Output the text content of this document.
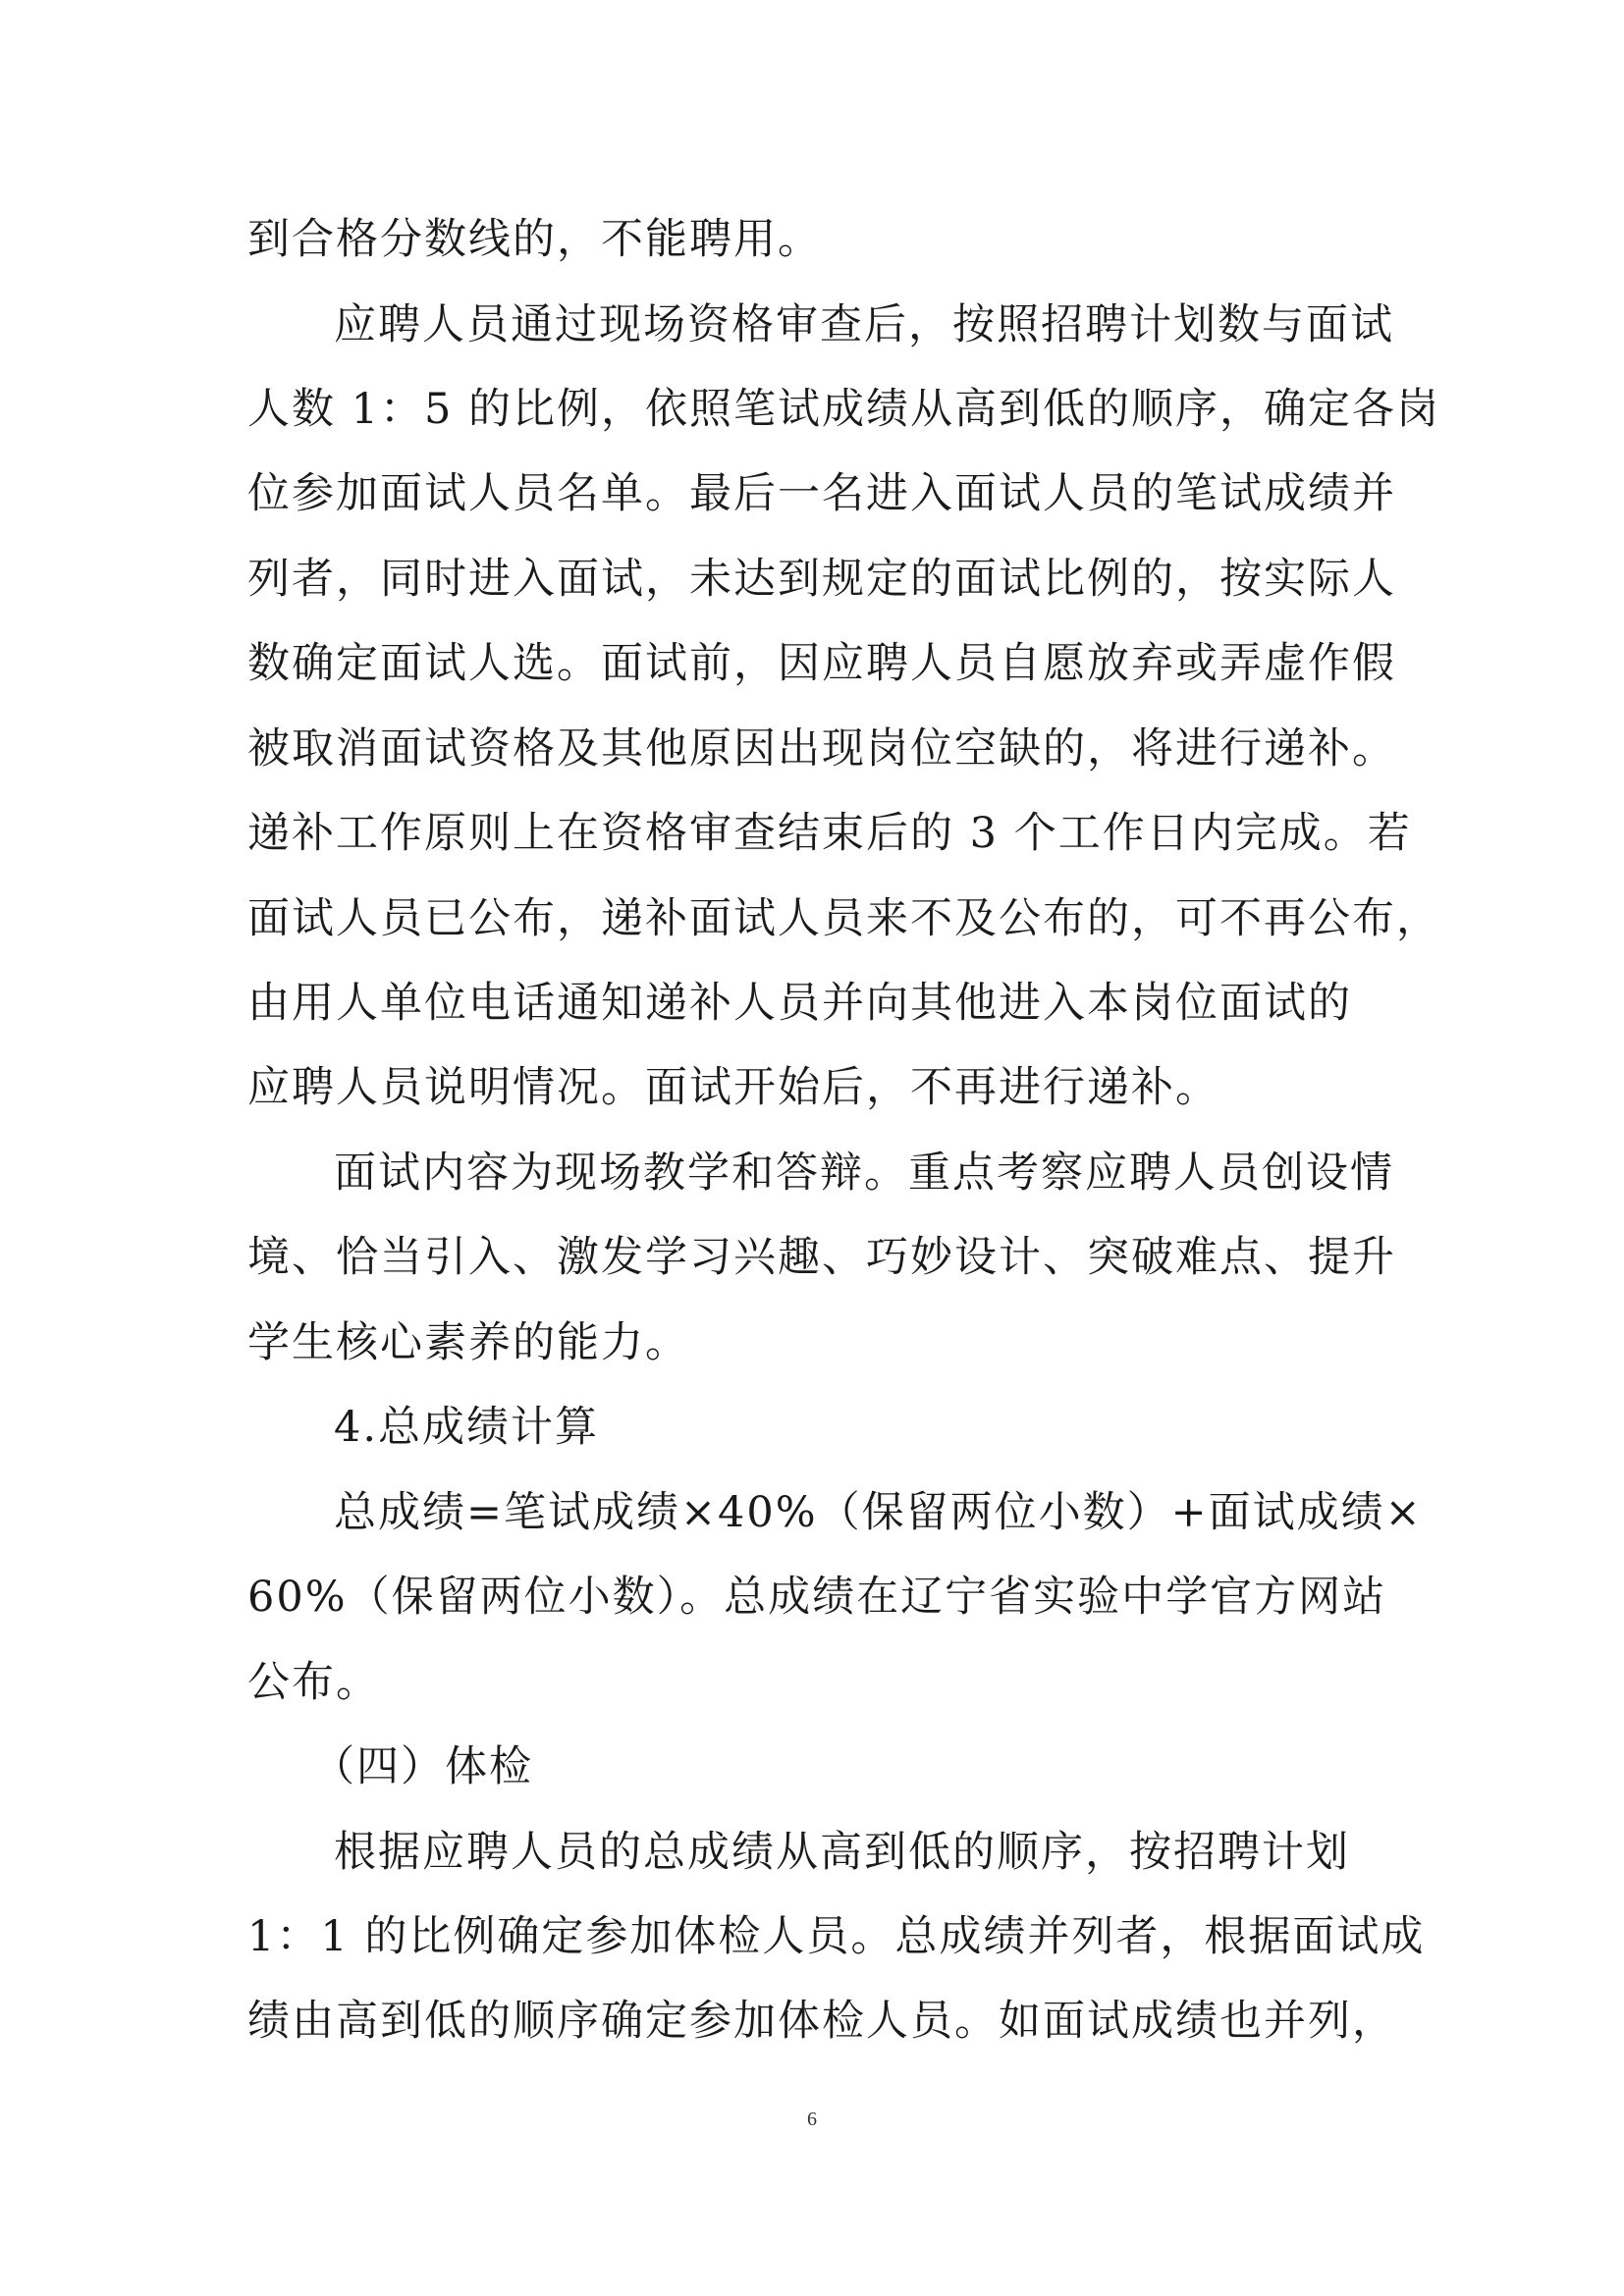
到合格分数线的，不能聘用。
应聘人员通过现场资格审查后，按照招聘计划数与面试
人数 1：5 的比例，依照笔试成绩从高到低的顺序，确定各岗
位参加面试人员名单。最后一名进入面试人员的笔试成绩并
列者，同时进入面试，未达到规定的面试比例的，按实际人
数确定面试人选。面试前，因应聘人员自愿放弃或弄虚作假
被取消面试资格及其他原因出现岗位空缺的，将进行递补。
递补工作原则上在资格审查结束后的 3 个工作日内完成。若
面试人员已公布，递补面试人员来不及公布的，可不再公布，
由用人单位电话通知递补人员并向其他进入本岗位面试的
应聘人员说明情况。面试开始后，不再进行递补。
面试内容为现场教学和答辩。重点考察应聘人员创设情
境、恰当引入、激发学习兴趣、巧妙设计、突破难点、提升
学生核心素养的能力。
4.总成绩计算
总成绩=笔试成绩×40%（保留两位小数）+面试成绩×
60%（保留两位小数）。总成绩在辽宁省实验中学官方网站
公布。
（四）体检
根据应聘人员的总成绩从高到低的顺序，按招聘计划
1：1 的比例确定参加体检人员。总成绩并列者，根据面试成
绩由高到低的顺序确定参加体检人员。如面试成绩也并列，
6
